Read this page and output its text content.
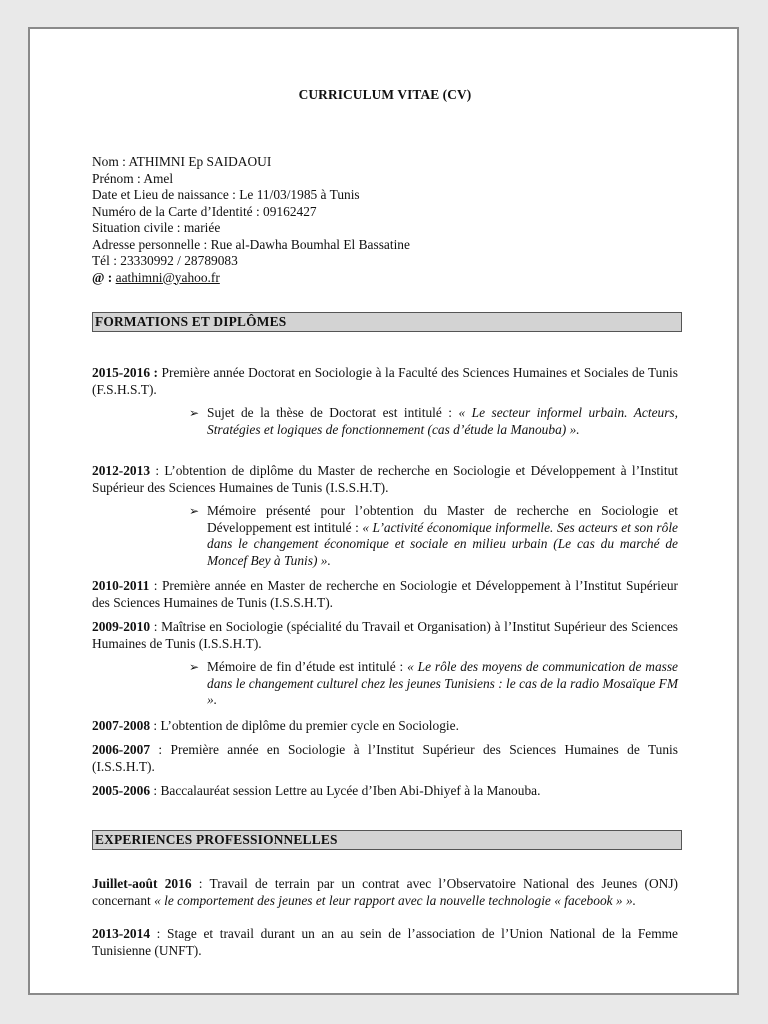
CURRICULUM VITAE (CV)
Nom : ATHIMNI Ep SAIDAOUI
Prénom : Amel
Date et Lieu de naissance : Le 11/03/1985 à Tunis
Numéro de la Carte d’Identité : 09162427
Situation civile : mariée
Adresse personnelle : Rue al-Dawha Boumhal El Bassatine
Tél : 23330992 / 28789083
@ : aathimni@yahoo.fr
FORMATIONS ET DIPLÔMES
2015-2016 : Première année Doctorat en Sociologie à la Faculté des Sciences Humaines et Sociales de Tunis (F.S.H.S.T).
➢ Sujet de la thèse de Doctorat est intitulé : « Le secteur informel urbain. Acteurs, Stratégies et logiques de fonctionnement (cas d’étude la Manouba) ».
2012-2013 : L’obtention de diplôme du Master de recherche en Sociologie et Développement à l’Institut Supérieur des Sciences Humaines de Tunis (I.S.S.H.T).
➢ Mémoire présenté pour l’obtention du Master de recherche en Sociologie et Développement est intitulé : « L’activité économique informelle. Ses acteurs et son rôle dans le changement économique et sociale en milieu urbain (Le cas du marché de Moncef Bey à Tunis) ».
2010-2011 : Première année en Master de recherche en Sociologie et Développement à l’Institut Supérieur des Sciences Humaines de Tunis (I.S.S.H.T).
2009-2010 : Maîtrise en Sociologie (spécialité du Travail et Organisation) à l’Institut Supérieur des Sciences Humaines de Tunis (I.S.S.H.T).
➢ Mémoire de fin d’étude est intitulé : « Le rôle des moyens de communication de masse dans le changement culturel chez les jeunes Tunisiens : le cas de la radio Mosaïque FM ».
2007-2008 : L’obtention de diplôme du premier cycle en Sociologie.
2006-2007 : Première année en Sociologie à l’Institut Supérieur des Sciences Humaines de Tunis (I.S.S.H.T).
2005-2006 : Baccalauréat session Lettre au Lycée d’Iben Abi-Dhiyef à la Manouba.
EXPERIENCES PROFESSIONNELLES
Juillet-août 2016 : Travail de terrain par un contrat avec l’Observatoire National des Jeunes (ONJ) concernant « le comportement des jeunes et leur rapport avec la nouvelle technologie « facebook » ».
2013-2014 : Stage et travail durant un an au sein de l’association de l’Union National de la Femme Tunisienne (UNFT).
